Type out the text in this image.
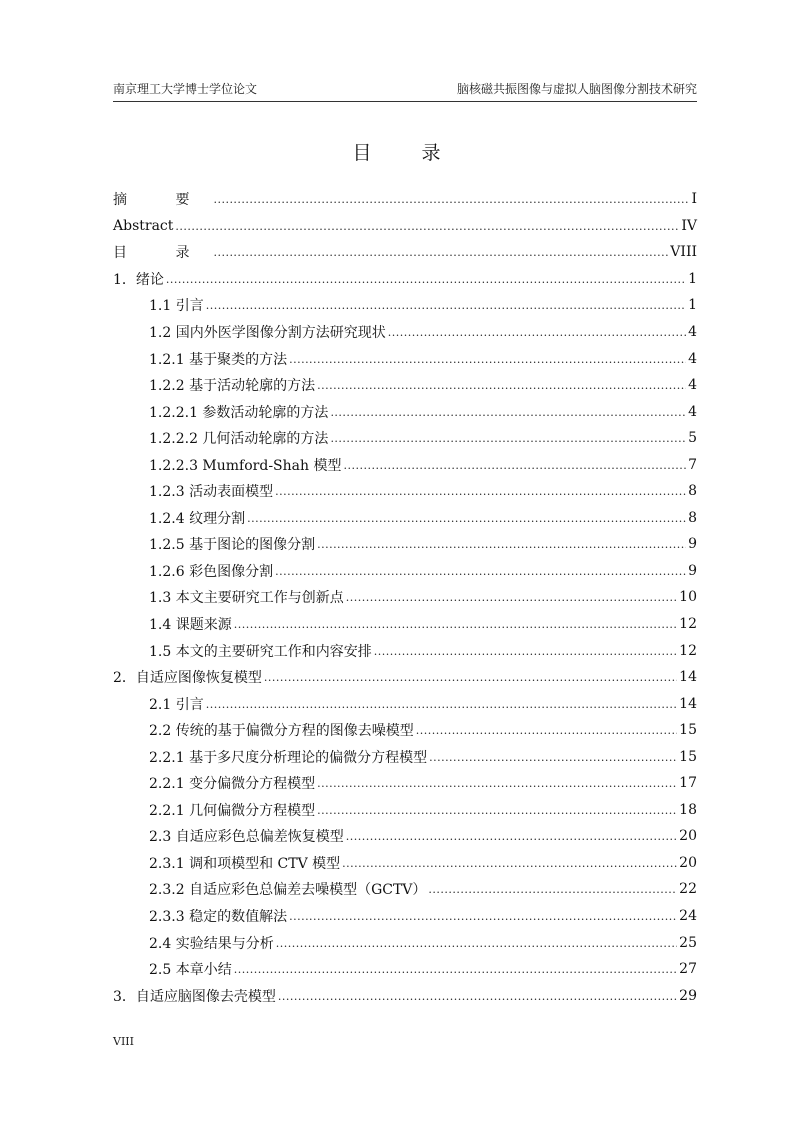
南京理工大学博士学位论文	脑核磁共振图像与虚拟人脑图像分割技术研究
目 录
摘 要 .....	I
Abstract .....	IV
目 录 .....	VIII
1．绪论 .....	1
1.1 引言 .....	1
1.2 国内外医学图像分割方法研究现状 .....	4
1.2.1 基于聚类的方法 .....	4
1.2.2 基于活动轮廓的方法 .....	4
1.2.2.1 参数活动轮廓的方法 .....	4
1.2.2.2 几何活动轮廓的方法 .....	5
1.2.2.3 Mumford-Shah 模型 .....	7
1.2.3 活动表面模型 .....	8
1.2.4 纹理分割 .....	8
1.2.5 基于图论的图像分割 .....	9
1.2.6 彩色图像分割 .....	9
1.3 本文主要研究工作与创新点 .....	10
1.4 课题来源 .....	12
1.5 本文的主要研究工作和内容安排 .....	12
2．自适应图像恢复模型 .....	14
2.1 引言 .....	14
2.2 传统的基于偏微分方程的图像去噪模型 .....	15
2.2.1 基于多尺度分析理论的偏微分方程模型 .....	15
2.2.1 变分偏微分方程模型 .....	17
2.2.1 几何偏微分方程模型 .....	18
2.3 自适应彩色总偏差恢复模型 .....	20
2.3.1 调和项模型和 CTV 模型 .....	20
2.3.2 自适应彩色总偏差去噪模型（GCTV） .....	22
2.3.3 稳定的数值解法 .....	24
2.4 实验结果与分析 .....	25
2.5 本章小结 .....	27
3．自适应脑图像去壳模型 .....	29
VIII
